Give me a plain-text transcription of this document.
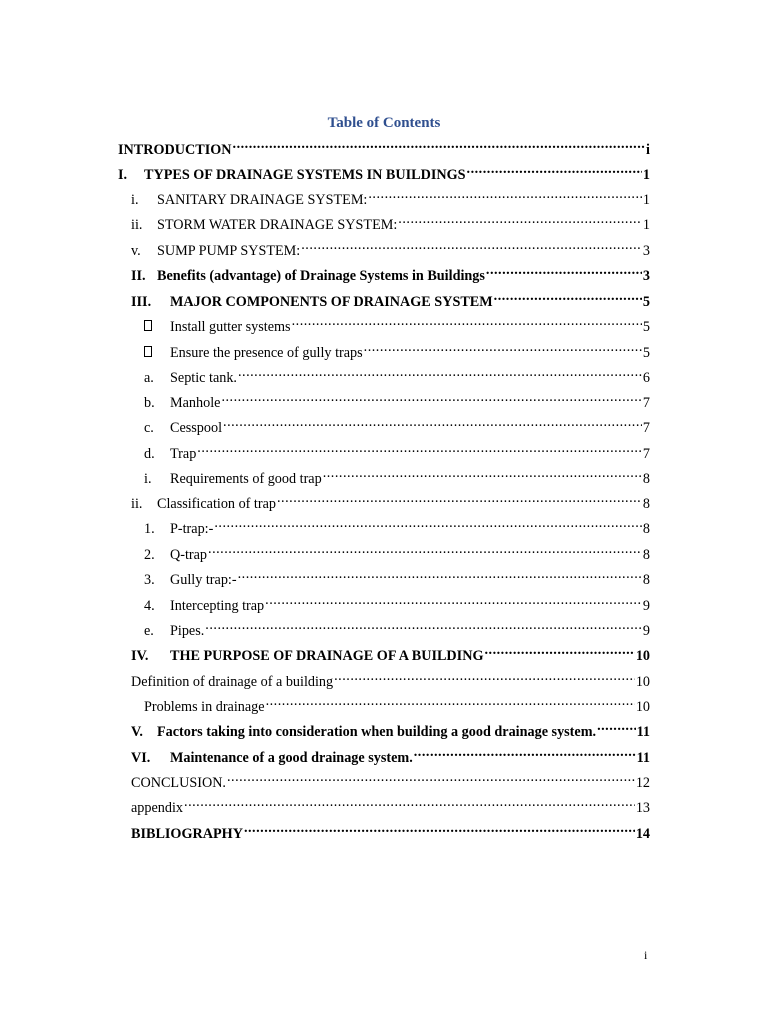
Table of Contents
INTRODUCTION .....	i
I.	TYPES OF DRAINAGE SYSTEMS IN BUILDINGS .....	1
i.	SANITARY DRAINAGE SYSTEM: .....	1
ii.	STORM WATER DRAINAGE SYSTEM: .....	1
v.	SUMP PUMP SYSTEM: .....	3
II. Benefits (advantage) of Drainage Systems in Buildings .....	3
III.	MAJOR COMPONENTS OF DRAINAGE SYSTEM .....	5
Install gutter systems .....	5
Ensure the presence of gully traps .....	5
a.	Septic tank. .....	6
b.	Manhole .....	7
c.	Cesspool .....	7
d.	Trap .....	7
i.	Requirements of good trap .....	8
ii.	Classification of trap .....	8
1.	P-trap:- .....	8
2.	Q-trap .....	8
3.	Gully trap:- .....	8
4.	Intercepting trap .....	9
e.	Pipes. .....	9
IV.	THE PURPOSE OF DRAINAGE OF A BUILDING .....	10
Definition of drainage of a building .....	10
Problems in drainage .....	10
V. Factors taking into consideration when building a good drainage system. .....	11
VI.	Maintenance of a good drainage system. .....	11
CONCLUSION. .....	12
appendix .....	13
BIBLIOGRAPHY .....	14
i
